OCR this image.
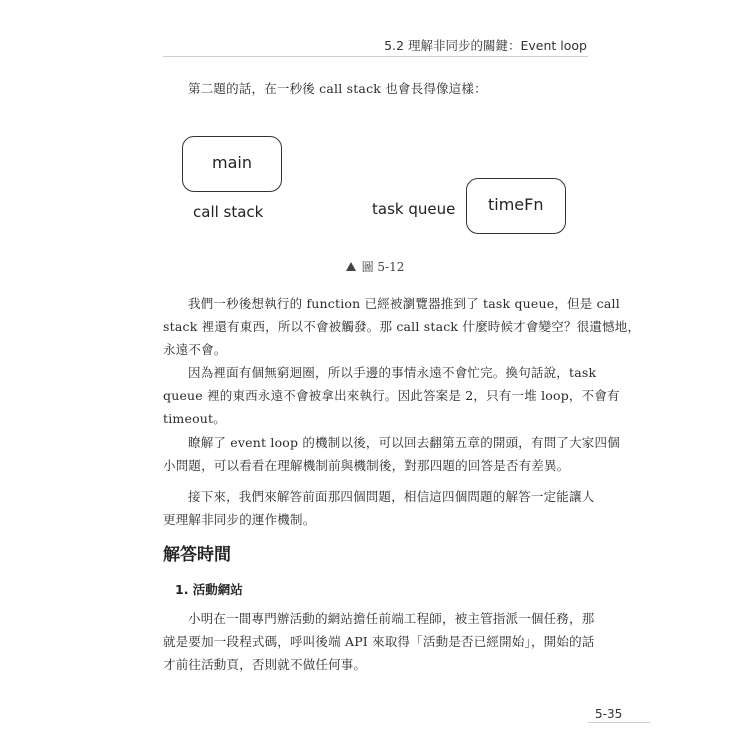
5.2 理解非同步的關鍵：Event loop

第二題的話，在一秒後 call stack 也會長得像這樣：

main
call stack	task queue timeFn
圖 5-12

我們一秒後想執行的 function 已經被瀏覽器推到了 task queue，但是 call
stack 裡還有東西，所以不會被觸發。那 call stack 什麼時候才會變空？很遺憾地，
永遠不會。

因為裡面有個無窮迴圈，所以手邊的事情永遠不會忙完。換句話說，task
queue 裡的東西永遠不會被拿出來執行。因此答案是 2，只有一堆 loop，不會有
timeout。

瞭解了 event loop 的機制以後，可以回去翻第五章的開頭，有問了大家四個
小問題，可以看看在理解機制前與機制後，對那四題的回答是否有差異。

接下來，我們來解答前面那四個問題，相信這四個問題的解答一定能讓人
更理解非同步的運作機制。

解答時間
1. 活動網站

小明在一間專門辦活動的網站擔任前端工程師，被主管指派一個任務，那
就是要加一段程式碼，呼叫後端 API 來取得「活動是否已經開始」，開始的話
才前往活動頁，否則就不做任何事。

5-35
